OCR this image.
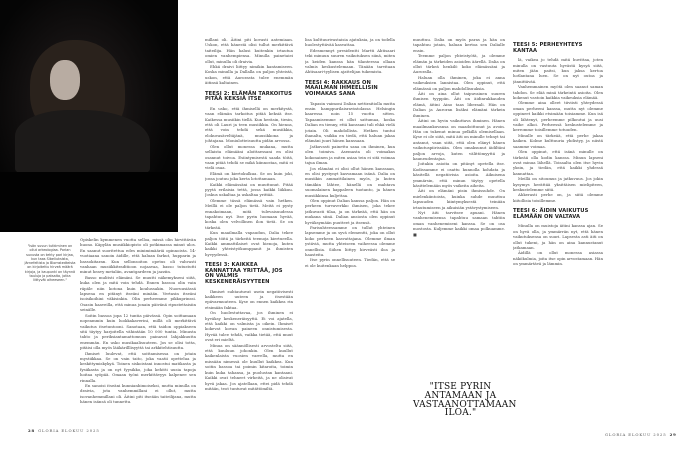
"Isän suvun tutkiminen on ollut arkeologiaa. Porian suvusta on tehty pari kirjaa, kun taas Sibeliuksista, Järnefeltista ja Blomstedteista on kirjoitettu hirveä määrä kirjoja, ja kaupunki on täynnä tauluja ja patsaita, jotka liittyvät aiheeseen."

Opiskelin kymmenen vuotta selloa, missä olin hirvittävän huono. Käpylän musiikkiopisto oli potkimassa minut ulos. En saanut suoritettua edes minimimääriä opinnoista. 14-vuotiaana sanoin äidille, että haluan farkut, hupparin ja bassokitaran. Kun sellonsoiton opetus oli vahvasti vanhaan musiikkitraditioon nojaavaa, basso tutustutti minut heavy metaliin, avantgardeen ja jazziin.

Basso mulitsti elämäni. Se muutti näkemykseni siitä, kuka olen ja mitä voin tehdä. Ennen bassoa olin vain räpäle niin kotona kuin koulussakin. Nuoruusiässä lapsena en pitänyt itseäni minään. Vertasin itseäni isoisikoihini väkisinkin. Olin perheemme pikkuprinssi. Osasin haaveilla, että minua jonain päivänä ripustettaisiin seinälle.

Soitin bassoa jopa 12 tuntia päivässä. Opin soittamaan nopeammin kuin luokkakaverini, millä oli merkittävä vaikutus itsetuntooni. Sanotaan, että taidon oppiakseen sitä täytyy harjoitella vähintään 10 000 tuntia. Minusta tahto ja periksiantamattomuus painavat lahjakkuutta enemmän. En usko musikaalisuuteen. Jos se olisi totta, pitäisi olla myös lääkärilllisyyttä tai arkkitehtisuutta.

Ihmiset luulevat, että soittamisessa on jotain mystiikkaa. Se on vain taito, joka vaatii opettelua ja keskittymiskykyä. Toinen siskoistani innostui matikasta ja fysiikasta ja on nyt fyysikko, joka kehitti uusia tapoja hoitaa syöpää. Omaan työni merkittävyys kalpenee sen rinnalla.

En sanoisi itseäni kunnianhimoiseksi, mutta minulla on draivia, jota vanhemmillani ei ollut, mutta isovanhemmillani oli. Äitini piti itseään taiteilijana, mutta hänen isänsä oli tunnettu.

millani oli. Äitini piti kovasti aatemiaan. Uskon, että hänestä olisi tullut merkittävä taiteilija. Hän halusi kuitenkin irtautua omien vanhempiensa. Minulla painetaiei ollut, minulla oli draivia.

Ehkä draivi liittyy nimikin kantamiseen. Koska minulla ja Dallalla on paljon yhteistä, uskon, että Aurorasta tulee enemmän äitinsä kaltainen.

TEESI 2: ELÄMÄN TARKOITUS PITÄÄ KEKSIÄ ITSE

En usko, että ihmisellä on merkitystä, vaan elämän tarkoitus pitää keksiä itse. Kaikessa musiikin tiellä. Kun heräsin, tiesin, että oli Lauri ja teen musiikkia. On hienoa, että voin tehdä sekä musiikkia, elokuvasäveltäjänä, muusikkona ja johtajana. Moniulotteisuutta pidän arvossa.

Olen ollut monessa mukana, mutta sellaista elämääni aloittaessani en olisi osannut toivoa. Esiintymisestä saada töitä, vaan pitää tehdä se mikä kiinnostaa, mitä ei vielä osaa.

Elämä on kiertokulkua. Se on kuin joki, jossa joutuu joka kerta lotottamaan.

Kaikki elämässäni on muuttunut. Pitää pyytä erilaisia tettä, jossa kaikki liikkuu. Joskus uskaltaa ja uskaltaa yrittää.

Olemme tässä elämässä vain hetken. Meillä ei ole paljon tietä. Meitä ei pysty ennakoimaan, mitä tulevaisuudessa tapahtuu nyt. Itse pyrin luomaan hyvää, koska olen velvollinen ilon tietä. Se on tärkeää.

Kun maailmalla vapaudun, Dalia tekee paljon töitä ja tärkeitä teemoja kiertueella. Kaikki ammattilaiset ovat hienoja, kuten kaikki yhteistyökumppanit ja ihmisten hyvyydessä.

TEESI 3: KAIKKEA KANNATTAA YRITTÄÄ, JOS ON VALMIS KESKENERÄISYYTEEN

Ihmiset suhtautuvat usein negatiivisesti kaikkeen uuteen ja itsestään epävarmuuteen. Kyse on ennen kaikkea rin etsimään faktaa.

On huolestuttavaa, jos ihminen ei hyväksy keskeneräisyyttä. Ei voi ajatella, että kaikki on valmista ja oikein. Ihmiset kokevat kovan paineen onnistumisesta. Hyvää tulee tehdä, vaikka tietää, että muut ovat eri mieltä.

Minua on säännöllisesti arvosteltu siitä, että kuuluun johonkin. Olen kuullut kaikenlaista vuosien varrella, mutta en missään nimessä ole kuullut kaikkea. Kun soitin bassoa tai poimin kitaroita, toimin kuin kuka tahansa, ja puolustan kantaani. Kaikki ovat tehneet virheitä, ja ne olisivat hyvä jakaa. Jos ajatellaan, ettei pidä tehdä mitään, teot tuntuvat mitättömiltä.

lisa kulttuurivastaisia ajatuksia, ja on todella huolestyttävää kasvattaa.

Edesmennyt presidentti Martti Ahtisaari teki minuun suuren vaikutuksen siinä, miten ja keiden kanssa hän tilanteessa ollaan valmis keskustelemaan. Tänään tarvitaan Ahtisaari-tyylisen ajattelijan tukemista.

TEESI 4: RAKKAUS ON MAAILMAN IHMEELLISIN VOIMAKAS SANA

Tapasin vaimoni Dalian nettiraitiolla mutta ensin hamppurilaisravintolassa Helsingin kaaressa noin 15 vuotta sitten. Tapaamisemme ei ollut sattumaa, koska Dalian en tienny, että kanssani tuli ehkä vielä jotain. Oli mahdollista. Hetken tuntui ihanalta, vaikka en tiedä, että haluan jakaa elämäni juuri hänen kanssaan.

Jatkuvasti painettu sana on ihminen, kun olen toimiva. Asemasta oli voimakas kokonainen ja miten asiaa tein ei sitä voimaa tajua ilman.

Jos elämäni ei olisi ollut hänen kanssaan, en olisi pystynyt kasvamaan isänä. Dalia on musiikin ammattilainen myös, ja kuten tämäkin lähtee, hänellä on mahtava suomalainen kappaleen tuotanto, ja hänen musiikkinsa kuljettaa.

Olen oppinut Dalian kanssa paljon. Hän on perheen turvaverkko ihmisen, joka tekee jatkuvasti tilaa, ja on tärkeää, että hän on mukana siinä. Dalian ansiosta olen oppinut hyväksymään puutteet ja itsensä.

Parisuhteessamme on tullut yhteinen lapsemme ja on syvä elementti, joka on ollut koko perheen kasvattajana. Olemme ilman ystäviä, mutta yhteiseen vaiheessa olemme onnellisia. Siihen liittyy hirveästi iloa ja haasteita.

Itse pyrin onnellisuuteen. Tiedän, että se ei ole kuitenkaan helppoa.

muuttuu. Dalia on myös paras ja hän on tapahtuu jotain, haluan kertoa sen Dalialle ensin.

Teemme paljon yhteistyötä, ja olemme elämän ja tärkeiden asioiden äärellä. Dalia on ollut tärkeä henkilö koko elämässäni ja Auroralla.

Haluan olla ihminen, joka ei anna vaikeuksien lannistaa. Olen oppinut, että elämässä on paljon mahdollisuuksia.

Äiti on aina ollut taipuvainen suuren ihmisen tyyppiin. Äiti on äidinrakkauden elämä, äitini Aino taas liberaali. Hän on Dalian ja Auroran lisäksi elämäni tärkein ihminen.

Äitini on hyvin vaikuttava ihminen. Hänen maailmankuvansa on maadoittunut ja avoin. Hän on tukenut minua pelkillä olemisellaan. Kyse ei ole siitä, mitä äiti on minulle tehnyt tai antanut, vaan siitä, että olen elänyt hänen vaikutuspiirissään. Olen omaksunut äidiltäni paljon arvoja, kuten välittömyyttä ja kauneudentajua.

Joitakin asioita on pitänyt opetella itse. Kodissamme ei osattu kunnolla kohdata ja käsitellä negatiivisia asioita. Aikuisena ymmärsin, että minun täytyy opetella käsittelemään myös vaikeita aiheita.

Äiti on elämäni pisin ihmissuhde. On mielenkiintoista, kuinka suhde muuttuu lapsuuden kiintymyksestä teiniiän irtautumiseen ja aikuisiän ystävystymiseen.

Nyt äiti tarvitsee apuani. Hänen vanhenemisensa tapahtuu samaan tahtiin oman vanhenemiseni kanssa. Se on osa mostosta. Kuljemme kaikki omaa polkuamme. ■

TEESI 5: PERHEYHTEYS KANTAA

lä, vaikea jo tehdä mitä huvittaa, joten minulla on vastuuta hyvästä kysyä siitä, miten jään paitsi, kun jaksa kertoa hotlantana luen. Se on nyt outoa ja jännittävää.

Vanhemmainen myötä olen saanut saman tahdon. Se elää minä tärkeintä asioita. Olen kokenut vastoin kaikkia vaikeuksia elämää.

Olemme aina olleet tiiviisti yhteydessä oman perheeni kanssa, mutta nyt olemme oppineet kaikki etsimään toisiamme. Kun isä oli lähtenyt, perheemme pilkoutui ja uusi vaihe alkoi. Perheessä keskustelemme ja kerromme toisillemme totuuden.

Minulle on tärkeää, että perhe jakaa kaiken. Kolme kulttuuria yhdistyy, ja niistä saamme voimaa.

Olen oppinut, että isänä minulle on tärkeää olla kodin kanssa. Minun lapseni ovat minua lähellä. Toisaalta olen itse hyvin yksin, ja tiedän, että kaikki yhdessä kannattaa.

Meillä on sitoumus ja jatkuvuus. Jos jokin kysymys herättää yksittäisen mielipiteen, keskustelemme siitä.

Ahkerasti perhe on, ja siitä olemme kiitollisia toisillemme.

TEESI 6: ÄIDIN VAIKUTUS ELÄMÄÄN ON VALTAVA

Minulla on muistoja äitini kanssa ajan. Se on hyvä olla, ja ymmärrän nyt, että hänen vaikutuksensa on suuri. Lapsesta asti äiti on ollut tukeni, ja hän on aina kannustanut jatkamaan.

Äidillä on ollut monessa asiassa näkökulmia, joita itse opin arvostamaan. Hän on ymmärtävä ja lämmin.

"ITSE PYRIN ANTAMAAN JA VASTAANOTTAMAAN ILOA."
28 GLORIA ELOKUU 2025
GLORIA ELOKUU 2025 29
